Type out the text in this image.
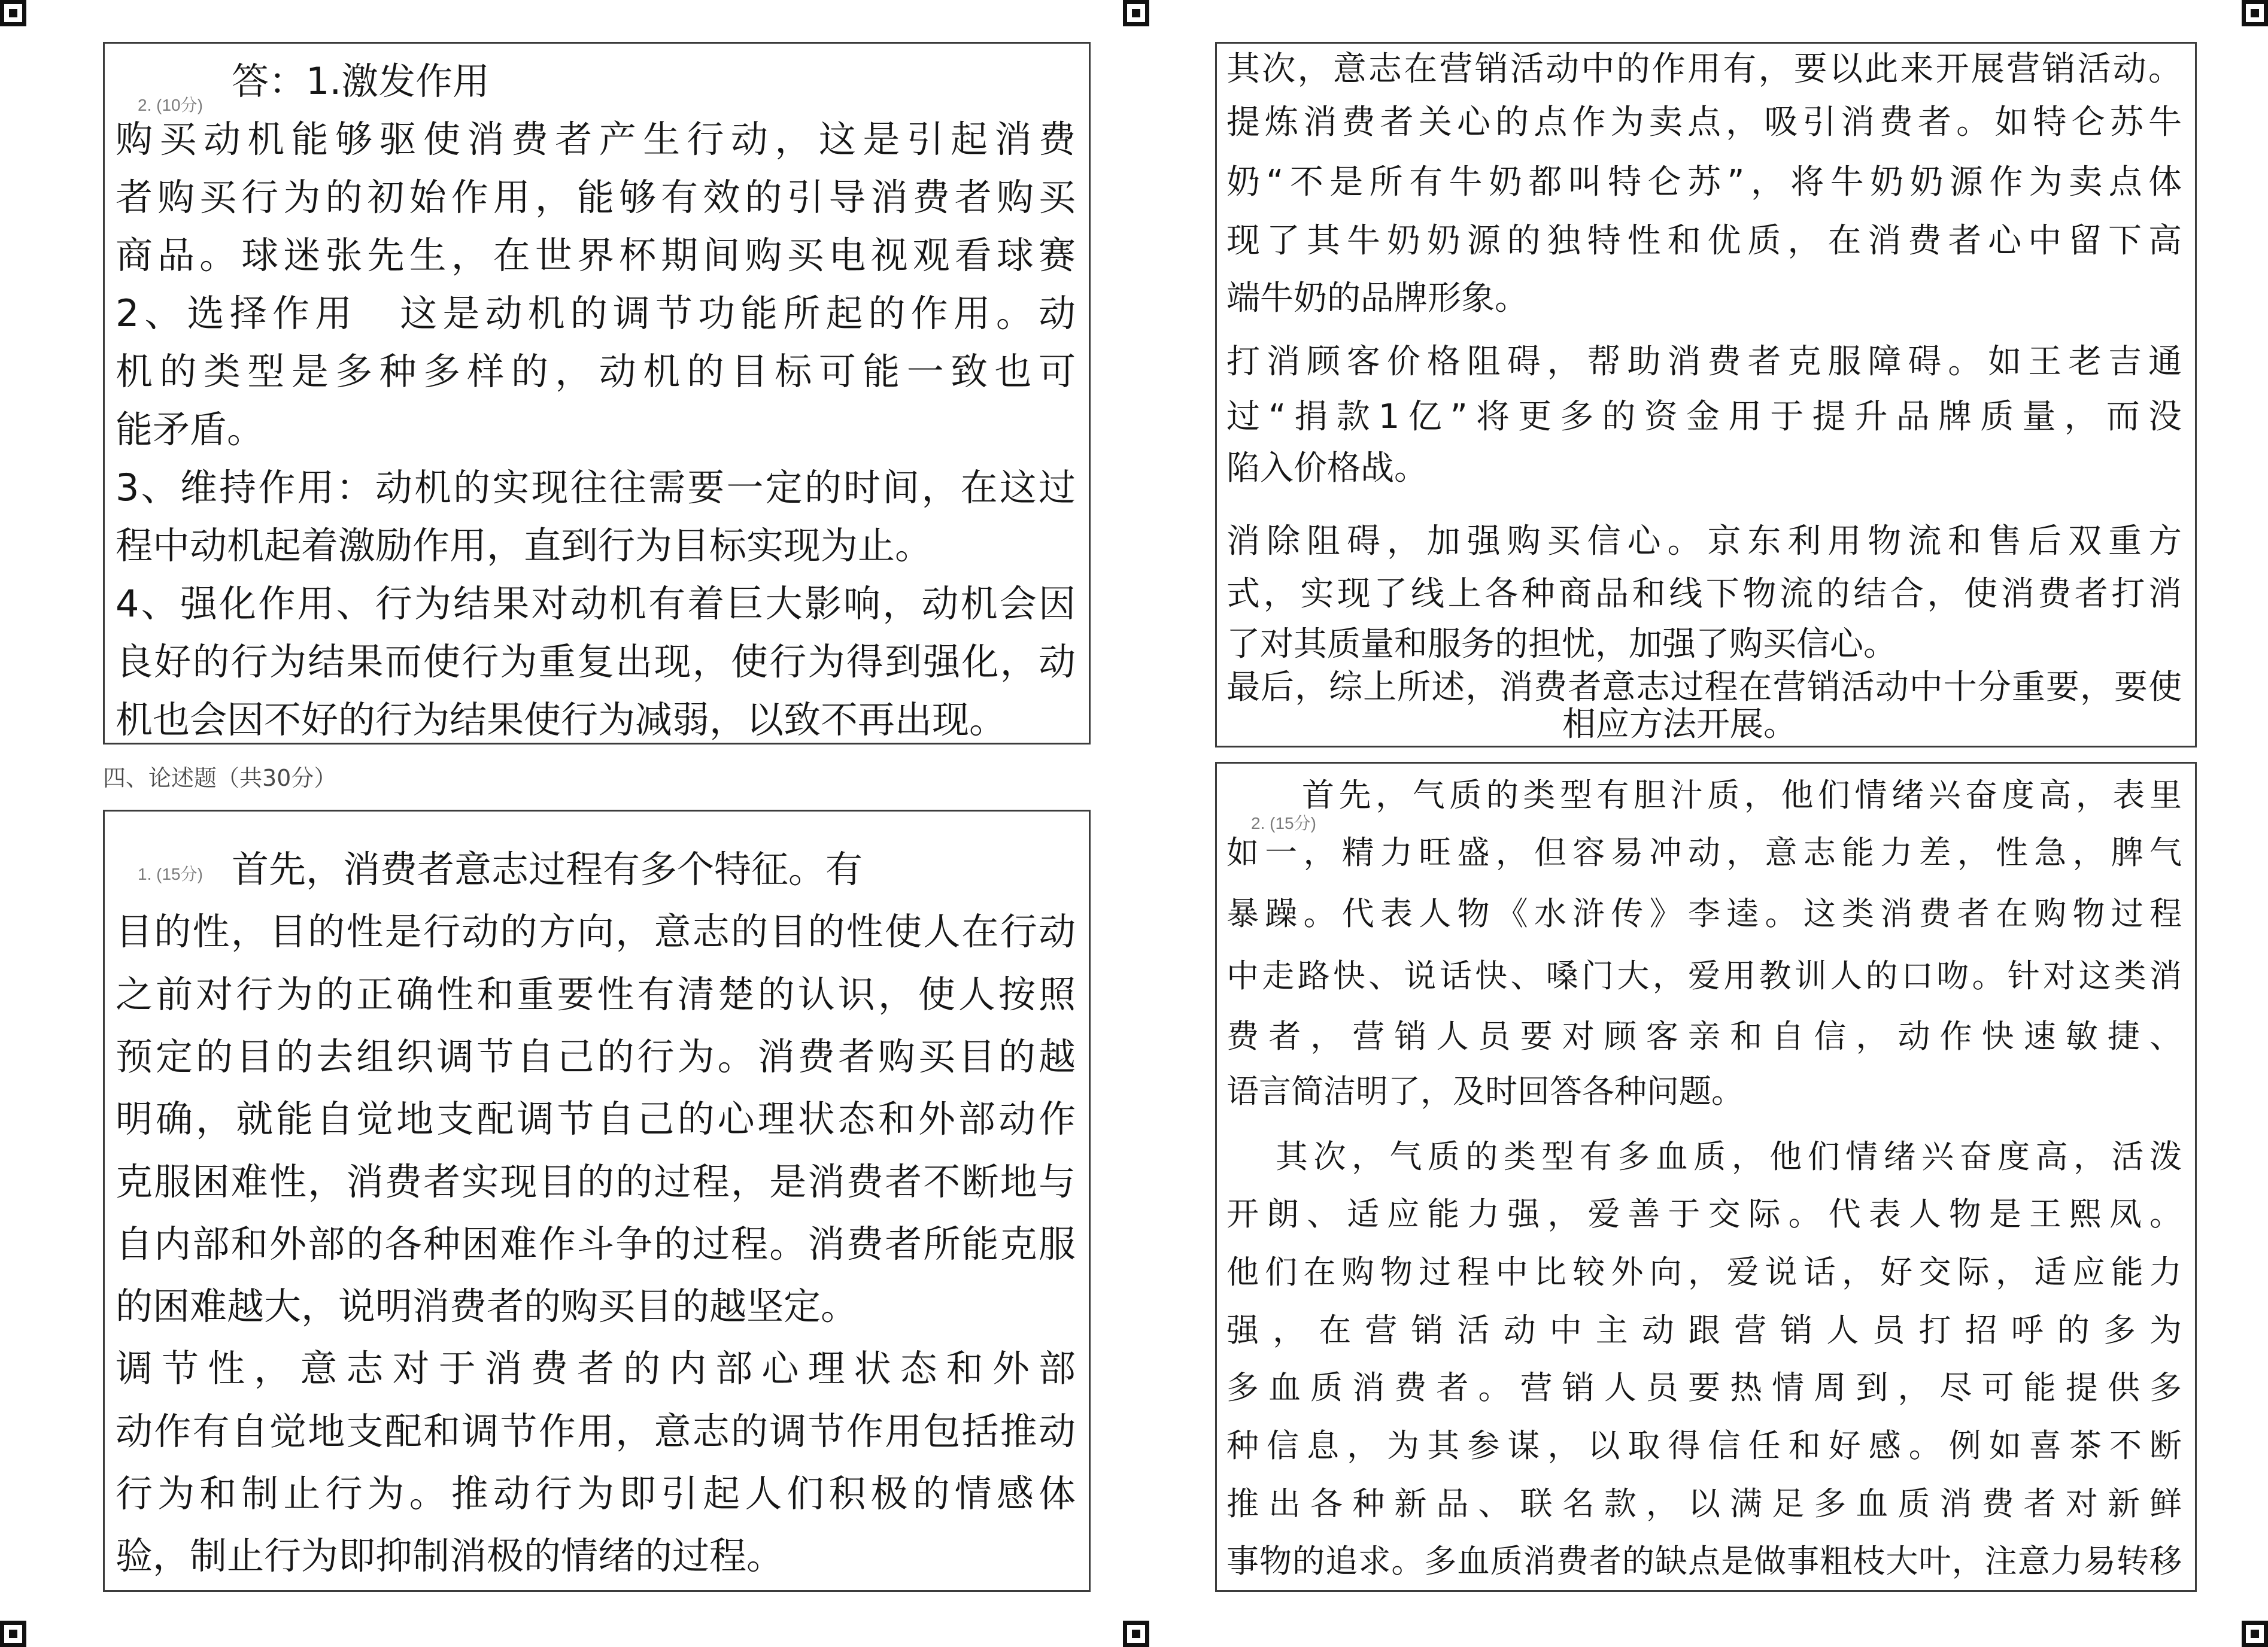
2. (10分)
答：1.激发作用
购买动机能够驱使消费者产生行动，这是引起消费
者购买行为的初始作用，能够有效的引导消费者购买
商品。球迷张先生，在世界杯期间购买电视观看球赛
2、选择作用　这是动机的调节功能所起的作用。动
机的类型是多种多样的，动机的目标可能一致也可
能矛盾。
3、维持作用：动机的实现往往需要一定的时间，在这过
程中动机起着激励作用，直到行为目标实现为止。
4、强化作用、行为结果对动机有着巨大影响，动机会因
良好的行为结果而使行为重复出现，使行为得到强化，动
机也会因不好的行为结果使行为减弱，以致不再出现。
四、论述题（共30分）
1. (15分) 首先，消费者意志过程有多个特征。有
目的性，目的性是行动的方向，意志的目的性使人在行动
之前对行为的正确性和重要性有清楚的认识，使人按照
预定的目的去组织调节自己的行为。消费者购买目的越
明确，就能自觉地支配调节自己的心理状态和外部动作
克服困难性，消费者实现目的的过程，是消费者不断地与
自内部和外部的各种困难作斗争的过程。消费者所能克服
的困难越大，说明消费者的购买目的越坚定。
调节性，意志对于消费者的内部心理状态和外部
动作有自觉地支配和调节作用，意志的调节作用包括推动
行为和制止行为。推动行为即引起人们积极的情感体
验，制止行为即抑制消极的情绪的过程。
其次，意志在营销活动中的作用有，要以此来开展营销活动。
提炼消费者关心的点作为卖点，吸引消费者。如特仑苏牛
奶“不是所有牛奶都叫特仑苏”，将牛奶奶源作为卖点体
现了其牛奶奶源的独特性和优质，在消费者心中留下高
端牛奶的品牌形象。
打消顾客价格阻碍，帮助消费者克服障碍。如王老吉通
过“捐款1亿”将更多的资金用于提升品牌质量，而没
陷入价格战。
消除阻碍，加强购买信心。京东利用物流和售后双重方
式，实现了线上各种商品和线下物流的结合，使消费者打消
了对其质量和服务的担忧，加强了购买信心。
最后，综上所述，消费者意志过程在营销活动中十分重要，要使
相应方法开展。
2. (15分)
首先，气质的类型有胆汁质，他们情绪兴奋度高，表里
如一，精力旺盛，但容易冲动，意志能力差，性急，脾气
暴躁。代表人物《水浒传》李逵。这类消费者在购物过程
中走路快、说话快、嗓门大，爱用教训人的口吻。针对这类消
费者，营销人员要对顾客亲和自信，动作快速敏捷、
语言简洁明了，及时回答各种问题。
其次，气质的类型有多血质，他们情绪兴奋度高，活泼
开朗、适应能力强，爱善于交际。代表人物是王熙凤。
他们在购物过程中比较外向，爱说话，好交际，适应能力
强，在营销活动中主动跟营销人员打招呼的多为
多血质消费者。营销人员要热情周到，尽可能提供多
种信息，为其参谋，以取得信任和好感。例如喜茶不断
推出各种新品、联名款，以满足多血质消费者对新鲜
事物的追求。多血质消费者的缺点是做事粗枝大叶，注意力易转移
